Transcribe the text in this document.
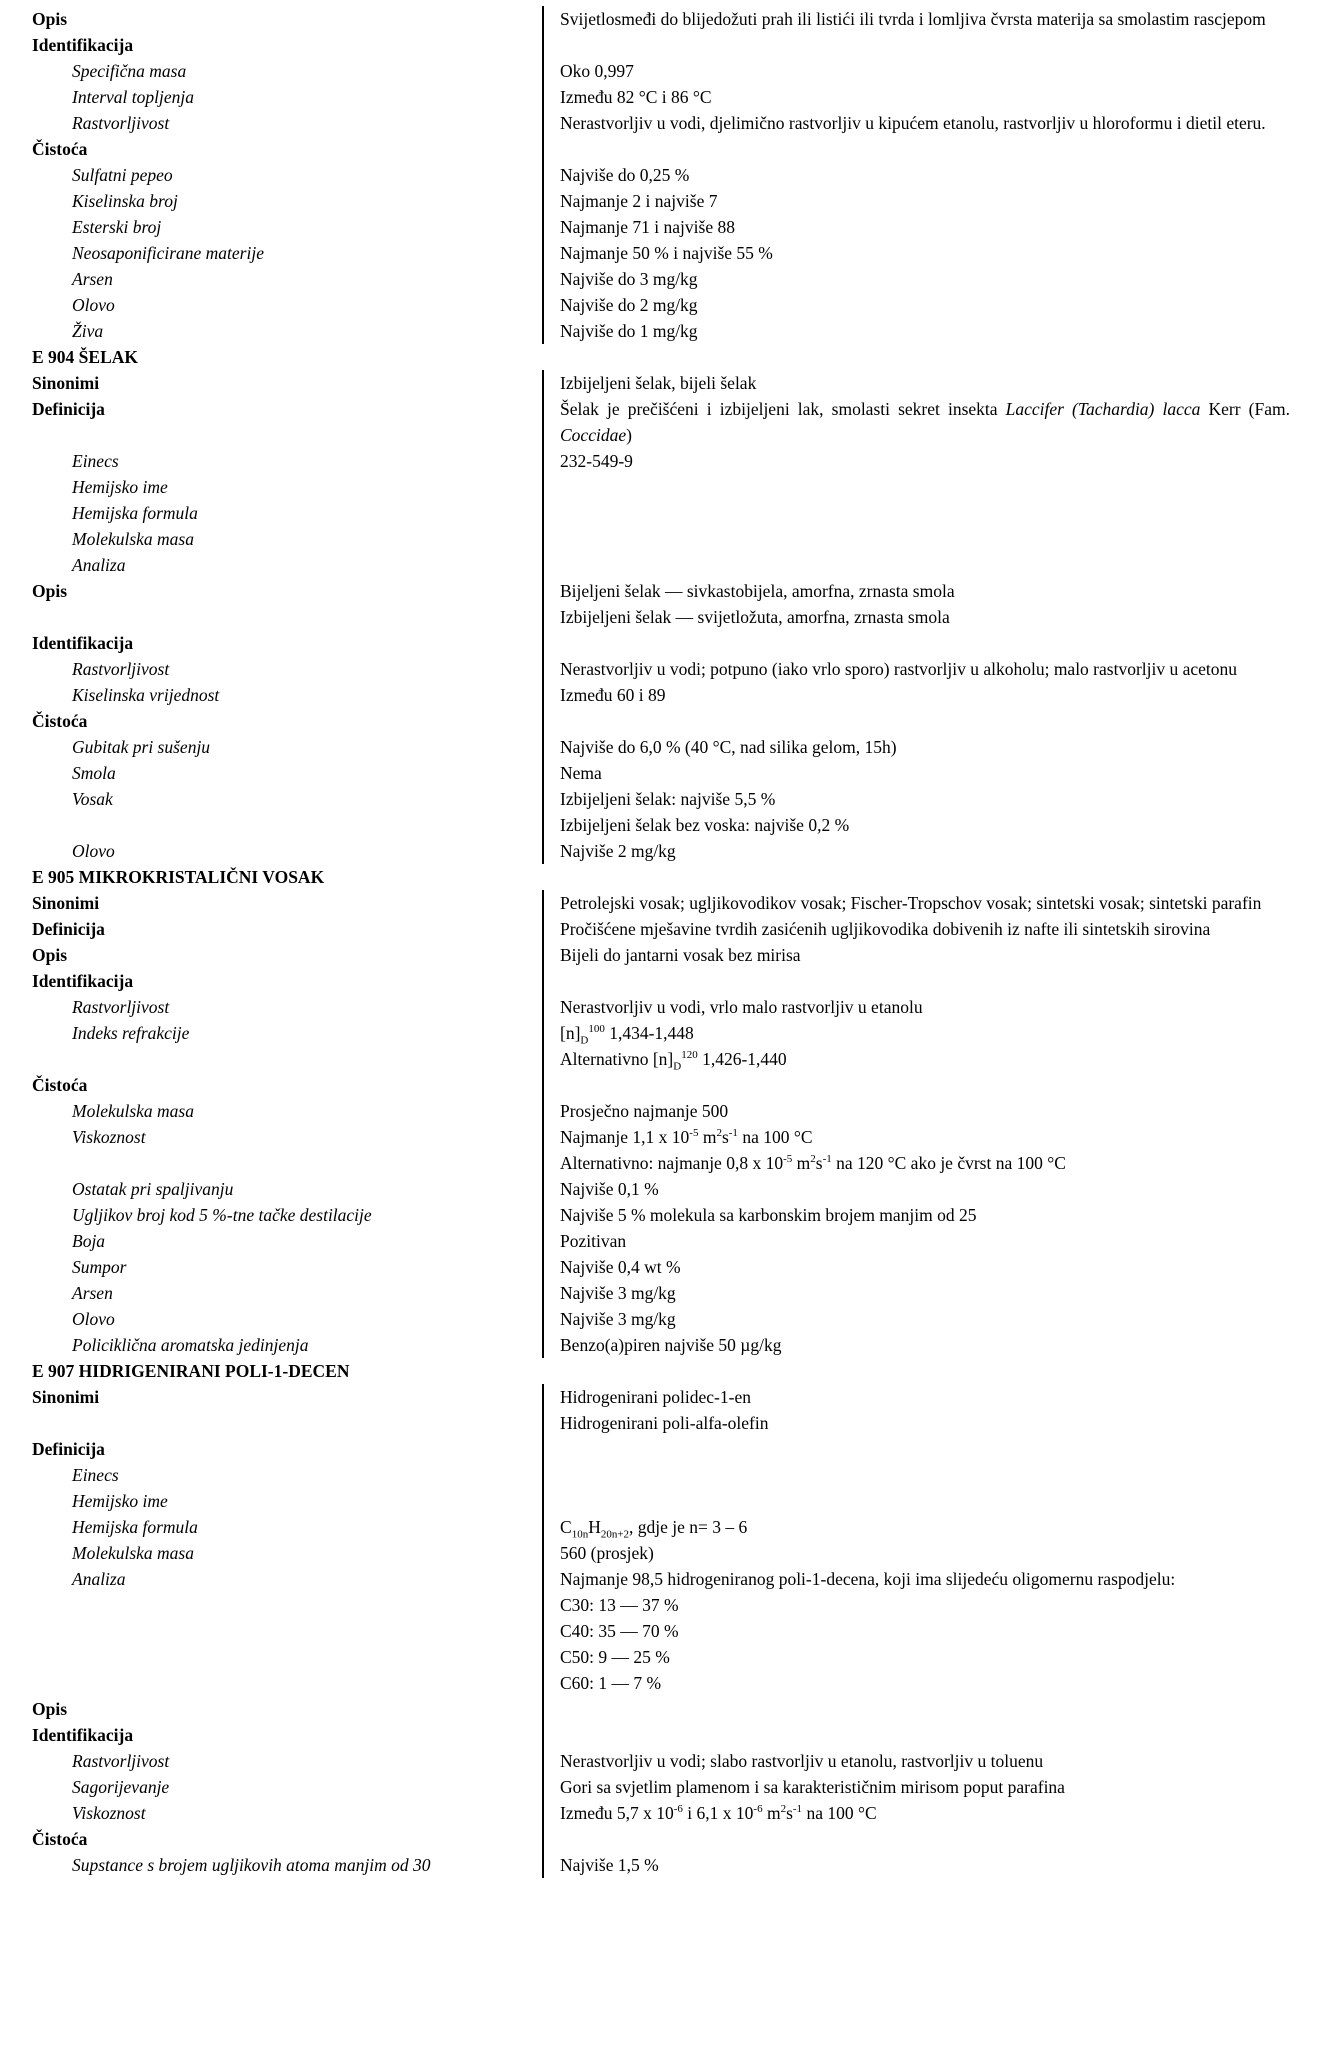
Opis	Svijetlosmeđi do blijedožuti prah ili listići ili tvrda i lomljiva čvrsta materija sa smolastim rascjepom
Identifikacija

Specifična masa	Oko 0,997
Interval topljenja	Između 82 °C i 86 °C
Rastvorljivost	Nerastvorljiv u vodi, djelimično rastvorljiv u kipućem etanolu, rastvorljiv u hloroformu i dietil eteru.
Čistoća

Sulfatni pepeo	Najviše do 0,25 %
Kiselinska broj	Najmanje 2 i najviše 7
Esterski broj	Najmanje 71 i najviše 88
Neosaponificirane materije	Najmanje 50 % i najviše 55 %
Arsen	Najviše do 3 mg/kg
Olovo	Najviše do 2 mg/kg
Živa	Najviše do 1 mg/kg
E 904 ŠELAK

Sinonimi	Izbijeljeni šelak, bijeli šelak
Definicija	Šelak je prečišćeni i izbijeljeni lak, smolasti sekret insekta Laccifer (Tachardia) lacca Kerr (Fam. Coccidae)
Einecs	232-549-9
Hemijsko ime

Hemijska formula

Molekulska masa

Analiza

Opis	Bijeljeni šelak — sivkastobijela, amorfna, zrnasta smola
Izbijeljeni šelak — svijetložuta, amorfna, zrnasta smola
Identifikacija

Rastvorljivost	Nerastvorljiv u vodi; potpuno (iako vrlo sporo) rastvorljiv u alkoholu; malo rastvorljiv u acetonu
Kiselinska vrijednost	Između 60 i 89
Čistoća

Gubitak pri sušenju	Najviše do 6,0 % (40 °C, nad silika gelom, 15h)
Smola	Nema
Vosak	Izbijeljeni šelak: najviše 5,5 %
Izbijeljeni šelak bez voska: najviše 0,2 %
Olovo	Najviše 2 mg/kg
E 905 MIKROKRISTALIČNI VOSAK

Sinonimi	Petrolejski vosak; ugljikovodikov vosak; Fischer-Tropschov vosak; sintetski vosak; sintetski parafin
Definicija	Pročišćene mješavine tvrdih zasićenih ugljikovodika dobivenih iz nafte ili sintetskih sirovina
Opis	Bijeli do jantarni vosak bez mirisa
Identifikacija

Rastvorljivost	Nerastvorljiv u vodi, vrlo malo rastvorljiv u etanolu
Indeks refrakcije	$[n]_D^{100}$ 1,434-1,448
Alternativno $[n]_D^{120}$ 1,426-1,440
Čistoća

Molekulska masa	Prosječno najmanje 500
Viskoznost	Najmanje 1,1 x $10^{-5}$ $m^2s^{-1}$ na 100 °C
Alternativno: najmanje 0,8 x $10^{-5}$ $m^2s^{-1}$ na 120 °C ako je čvrst na 100 °C
Ostatak pri spaljivanju	Najviše 0,1 %
Ugljikov broj kod 5 %-tne tačke destilacije	Najviše 5 % molekula sa karbonskim brojem manjim od 25
Boja	Pozitivan
Sumpor	Najviše 0,4 wt %
Arsen	Najviše 3 mg/kg
Olovo	Najviše 3 mg/kg
Policiklična aromatska jedinjenja	Benzo(a)piren najviše 50 µg/kg
E 907 HIDRIGENIRANI POLI-1-DECEN

Sinonimi	Hidrogenirani polidec-1-en
Hidrogenirani poli-alfa-olefin
Definicija

Einecs

Hemijsko ime

Hemijska formula	$C_{10n}H_{20n+2}$, gdje je n= 3 – 6
Molekulska masa	560 (prosjek)
Analiza	Najmanje 98,5 hidrogeniranog poli-1-decena, koji ima slijedeću oligomernu raspodjelu:
C30: 13 — 37 %
C40: 35 — 70 %
C50: 9 — 25 %
C60: 1 — 7 %
Opis

Identifikacija

Rastvorljivost	Nerastvorljiv u vodi; slabo rastvorljiv u etanolu, rastvorljiv u toluenu
Sagorijevanje	Gori sa svjetlim plamenom i sa karakterističnim mirisom poput parafina
Viskoznost	Između 5,7 x $10^{-6}$ i 6,1 x $10^{-6}$ $m^2s^{-1}$ na 100 °C
Čistoća

Supstance s brojem ugljikovih atoma manjim od 30	Najviše 1,5 %
